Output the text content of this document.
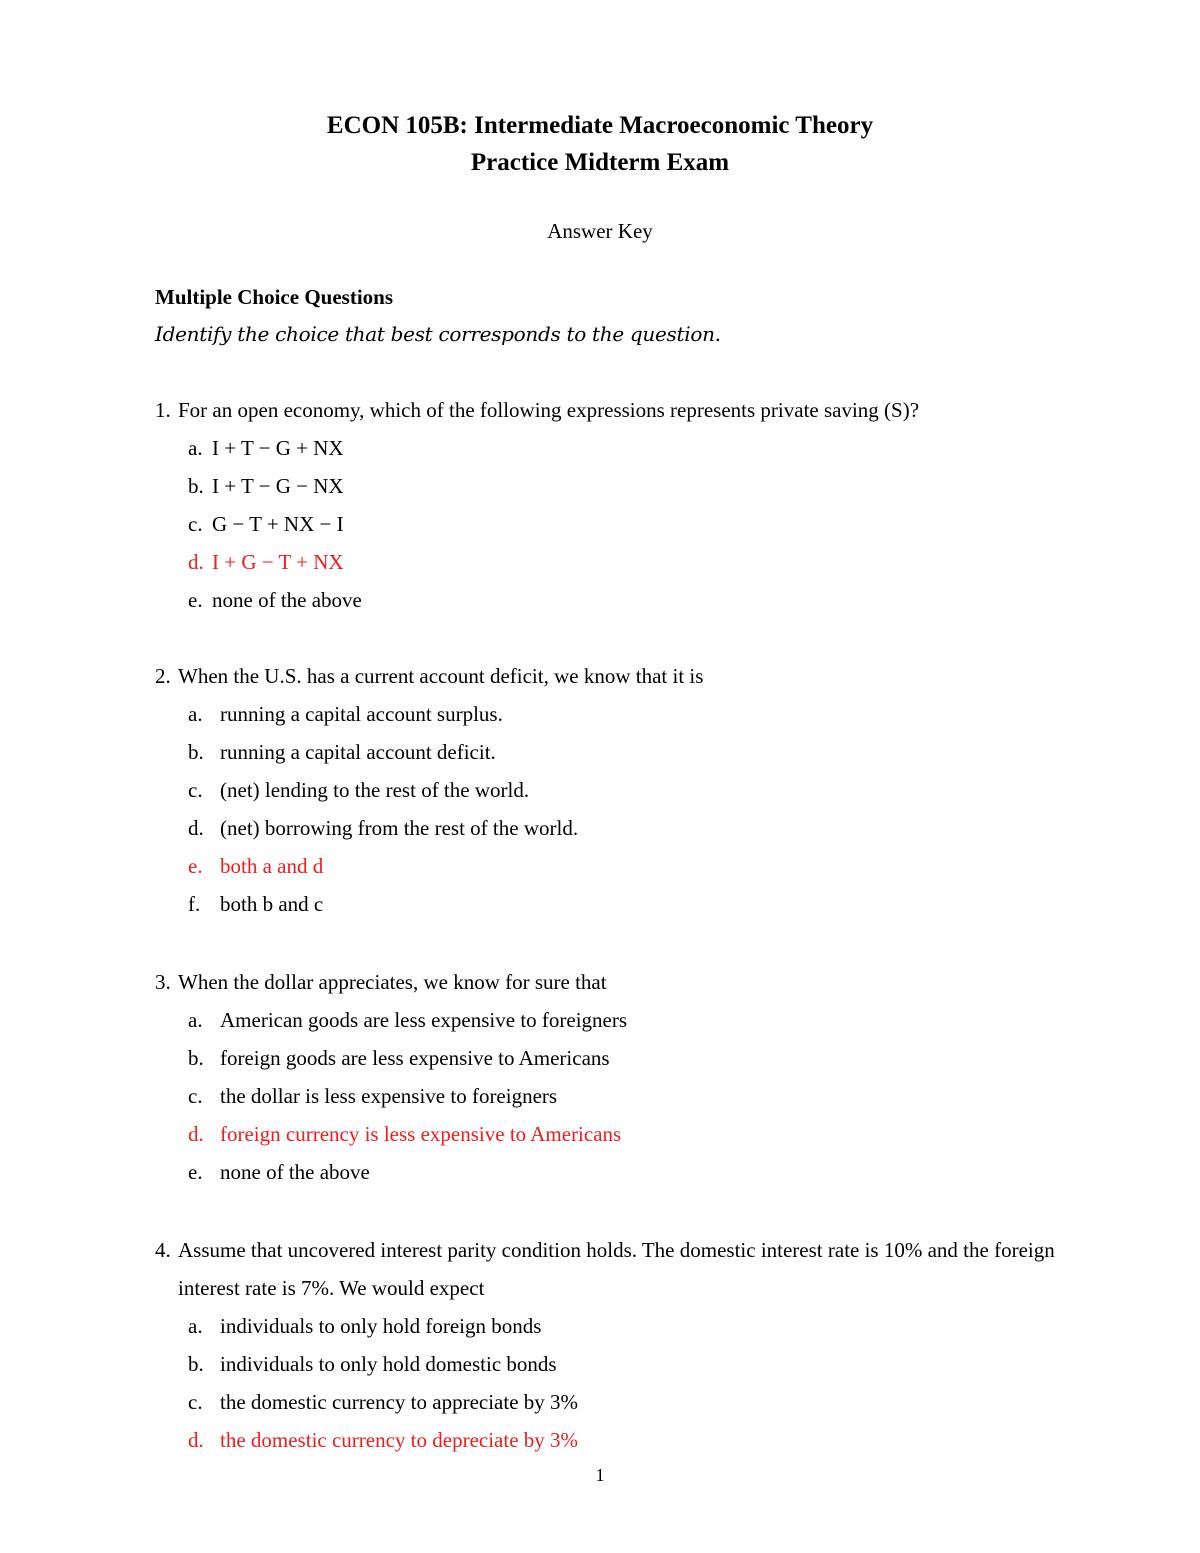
ECON 105B: Intermediate Macroeconomic Theory
Practice Midterm Exam
Answer Key
Multiple Choice Questions
Identify the choice that best corresponds to the question.
1. For an open economy, which of the following expressions represents private saving (S)?
a. I + T − G + NX
b. I + T − G − NX
c. G − T + NX − I
d. I + G − T + NX
e. none of the above
2. When the U.S. has a current account deficit, we know that it is
a. running a capital account surplus.
b. running a capital account deficit.
c. (net) lending to the rest of the world.
d. (net) borrowing from the rest of the world.
e. both a and d
f. both b and c
3. When the dollar appreciates, we know for sure that
a. American goods are less expensive to foreigners
b. foreign goods are less expensive to Americans
c. the dollar is less expensive to foreigners
d. foreign currency is less expensive to Americans
e. none of the above
4. Assume that uncovered interest parity condition holds. The domestic interest rate is 10% and the foreign interest rate is 7%. We would expect
a. individuals to only hold foreign bonds
b. individuals to only hold domestic bonds
c. the domestic currency to appreciate by 3%
d. the domestic currency to depreciate by 3%
1
